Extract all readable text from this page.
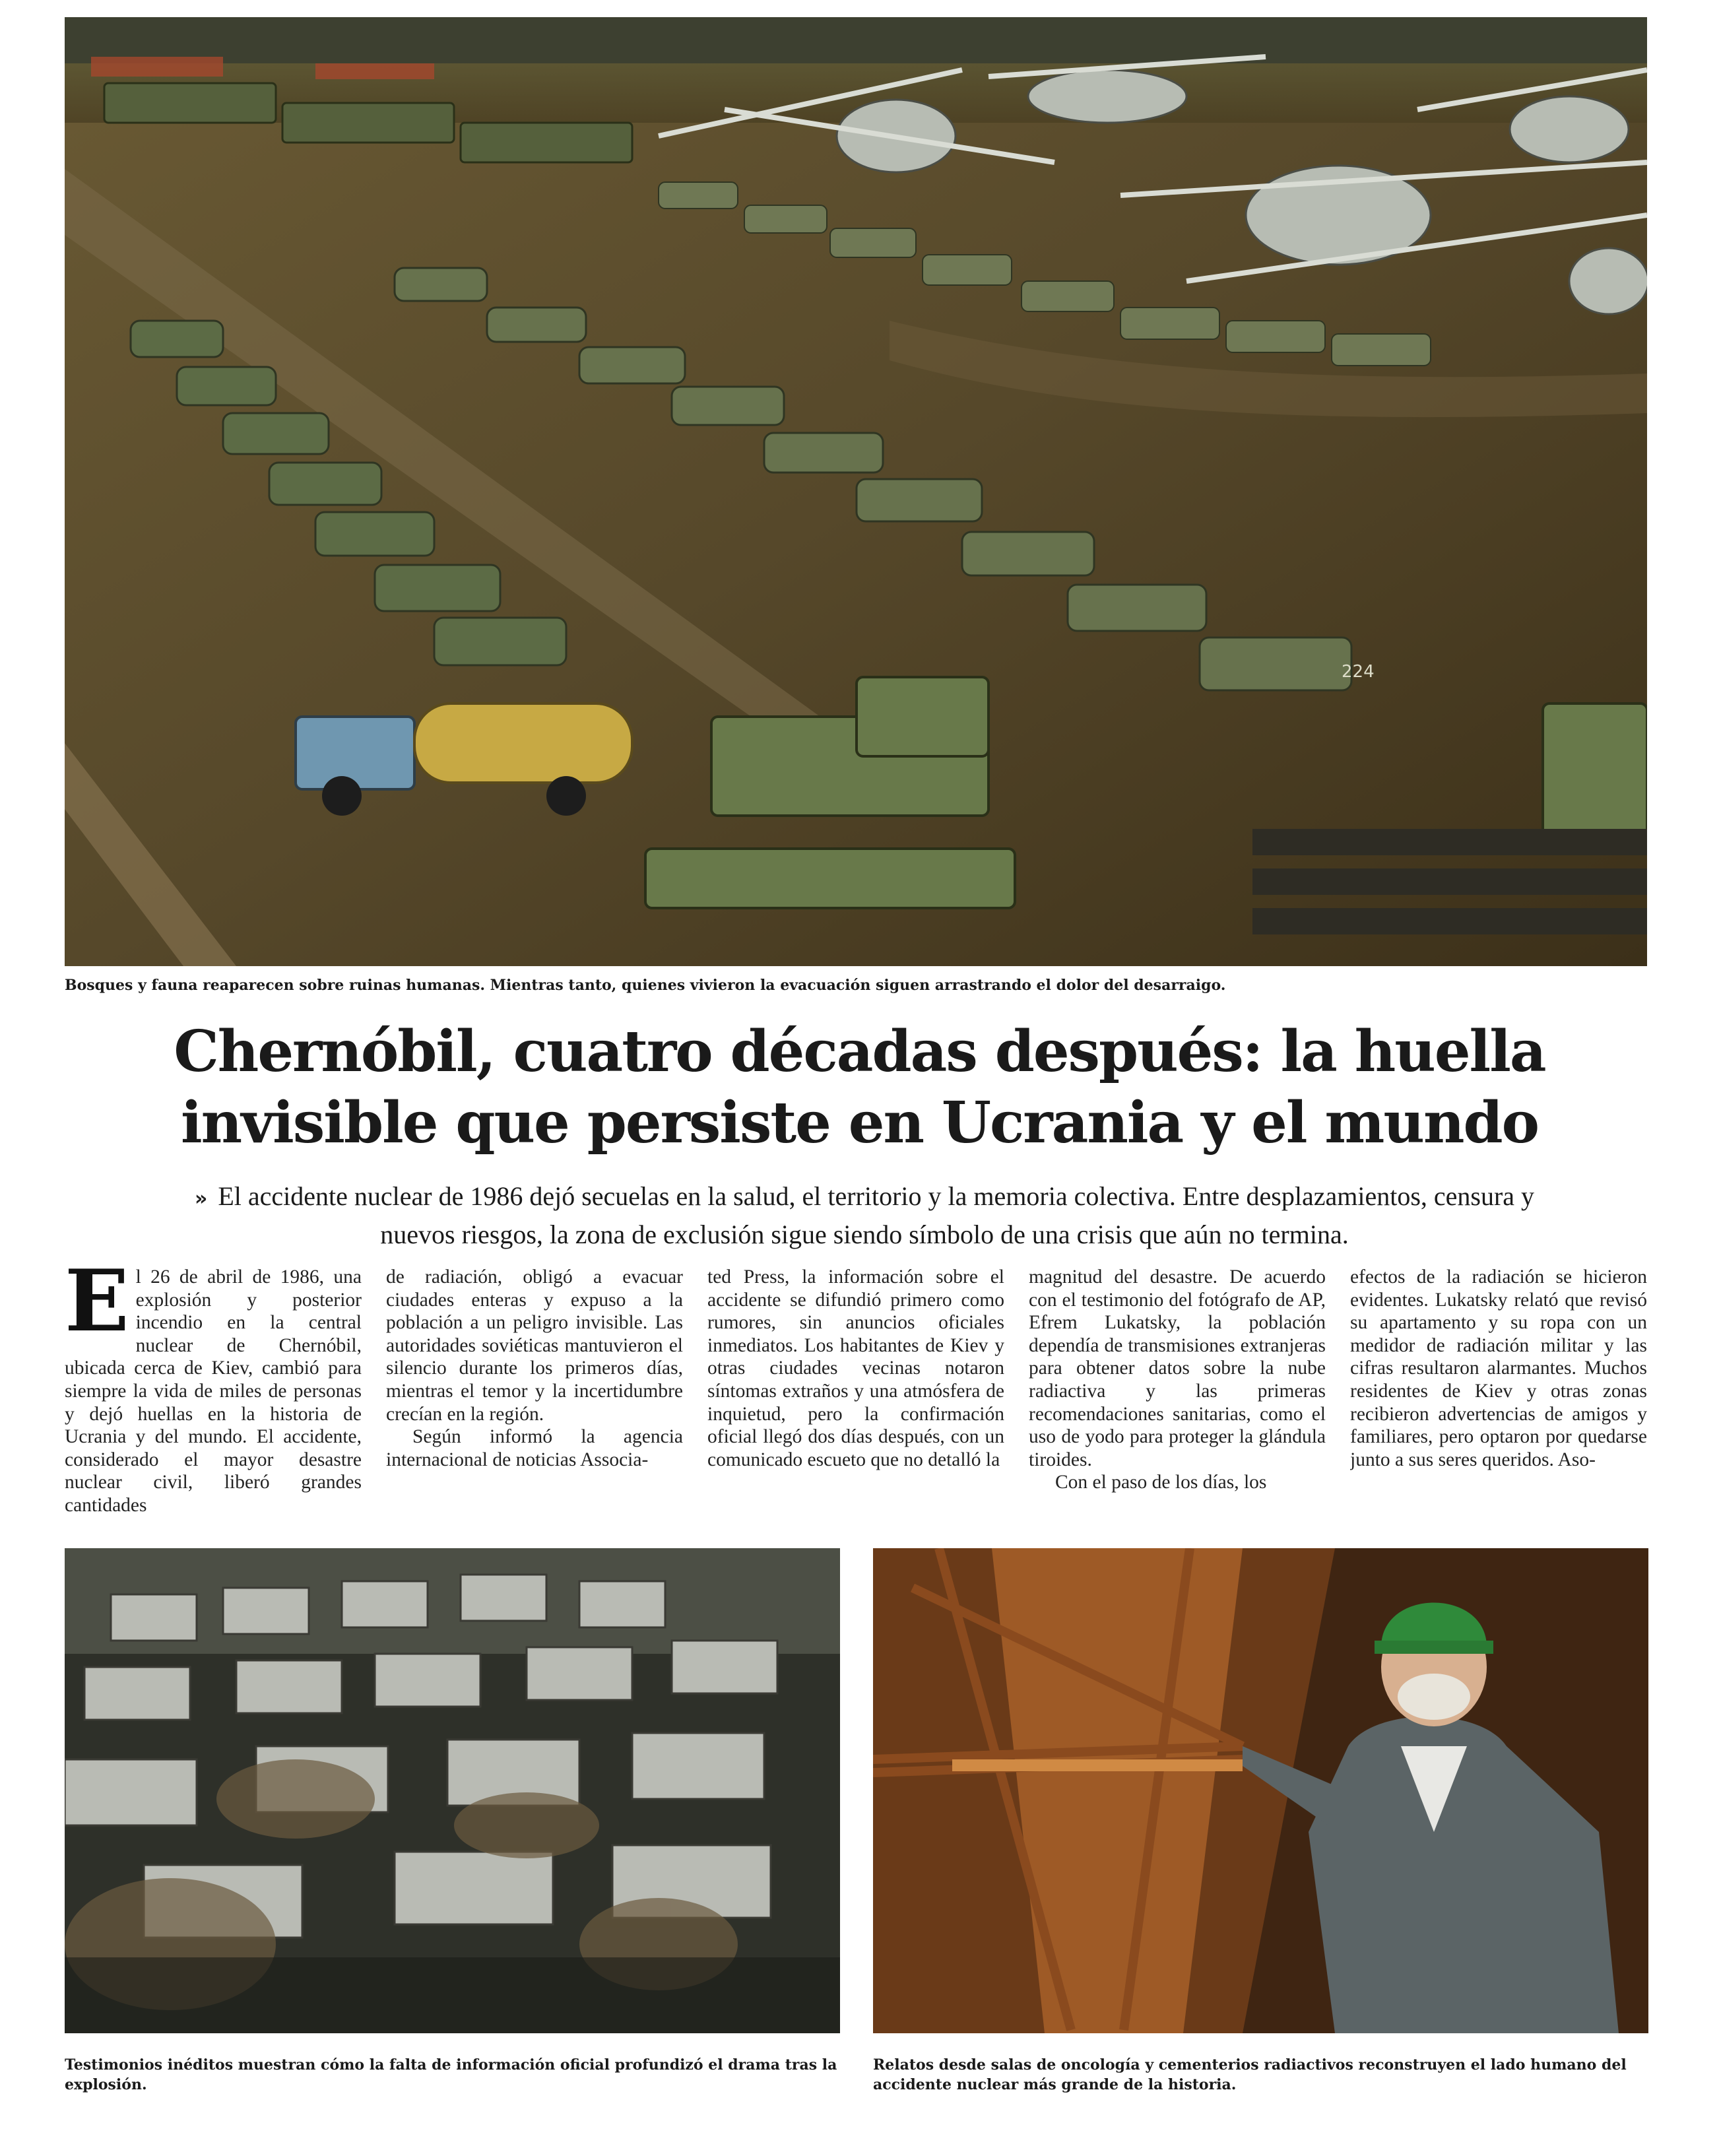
224
Bosques y fauna reaparecen sobre ruinas humanas. Mientras tanto, quienes vivieron la evacuación siguen arrastrando el dolor del desarraigo.
Chernóbil, cuatro décadas después: la huella
invisible que persiste en Ucrania y el mundo
» El accidente nuclear de 1986 dejó secuelas en la salud, el territorio y la memoria colectiva. Entre desplazamientos, censura y nuevos riesgos, la zona de exclusión sigue siendo símbolo de una crisis que aún no termina.
E l 26 de abril de 1986, una explosión y posterior incendio en la central nuclear de Chernóbil, ubicada cerca de Kiev, cambió para siempre la vida de miles de personas y dejó huellas en la historia de Ucrania y del mundo. El accidente, considerado el mayor desastre nuclear civil, liberó grandes cantidades

de radiación, obligó a evacuar ciudades enteras y expuso a la población a un peligro invisible. Las autoridades soviéticas mantuvieron el silencio durante los primeros días, mientras el temor y la incertidumbre crecían en la región.

Según informó la agencia internacional de noticias Associa-

ted Press, la información sobre el accidente se difundió primero como rumores, sin anuncios oficiales inmediatos. Los habitantes de Kiev y otras ciudades vecinas notaron síntomas extraños y una atmósfera de inquietud, pero la confirmación oficial llegó dos días después, con un comunicado escueto que no detalló la

magnitud del desastre. De acuerdo con el testimonio del fotógrafo de AP, Efrem Lukatsky, la población dependía de transmisiones extranjeras para obtener datos sobre la nube radiactiva y las primeras recomendaciones sanitarias, como el uso de yodo para proteger la glándula tiroides.

Con el paso de los días, los

efectos de la radiación se hicieron evidentes. Lukatsky relató que revisó su apartamento y su ropa con un medidor de radiación militar y las cifras resultaron alarmantes. Muchos residentes de Kiev y otras zonas recibieron advertencias de amigos y familiares, pero optaron por quedarse junto a sus seres queridos. Aso-

Testimonios inéditos muestran cómo la falta de información oficial profundizó el drama tras la explosión.
Relatos desde salas de oncología y cementerios radiactivos reconstruyen el lado humano del accidente nuclear más grande de la historia.
